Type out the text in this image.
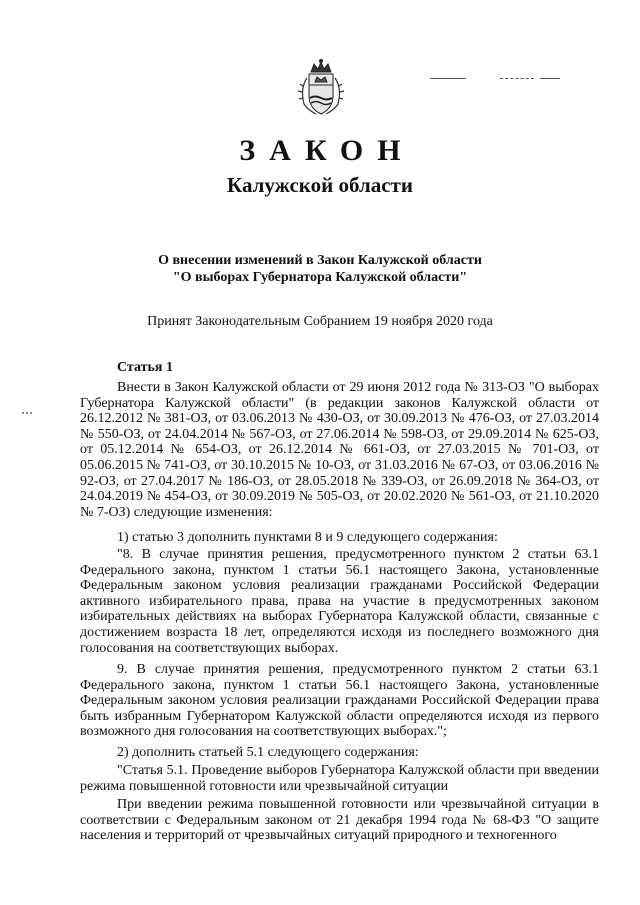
ЗАКОН
Калужской области
О внесении изменений в Закон Калужской области
"О выборах Губернатора Калужской области"
Принят Законодательным Собранием 19 ноября 2020 года
Статья 1
Внести в Закон Калужской области от 29 июня 2012 года № 313-ОЗ "О выборах Губернатора Калужской области" (в редакции законов Калужской области от 26.12.2012 № 381-ОЗ, от 03.06.2013 № 430-ОЗ, от 30.09.2013 № 476-ОЗ, от 27.03.2014 № 550-ОЗ, от 24.04.2014 № 567-ОЗ, от 27.06.2014 № 598-ОЗ, от 29.09.2014 № 625-ОЗ, от 05.12.2014 № 654-ОЗ, от 26.12.2014 № 661-ОЗ, от 27.03.2015 № 701-ОЗ, от 05.06.2015 № 741-ОЗ, от 30.10.2015 № 10-ОЗ, от 31.03.2016 № 67-ОЗ, от 03.06.2016 № 92-ОЗ, от 27.04.2017 № 186-ОЗ, от 28.05.2018 № 339-ОЗ, от 26.09.2018 № 364-ОЗ, от 24.04.2019 № 454-ОЗ, от 30.09.2019 № 505-ОЗ, от 20.02.2020 № 561-ОЗ, от 21.10.2020 № 7-ОЗ) следующие изменения:
1) статью 3 дополнить пунктами 8 и 9 следующего содержания:
"8. В случае принятия решения, предусмотренного пунктом 2 статьи 63.1 Федерального закона, пунктом 1 статьи 56.1 настоящего Закона, установленные Федеральным законом условия реализации гражданами Российской Федерации активного избирательного права, права на участие в предусмотренных законом избирательных действиях на выборах Губернатора Калужской области, связанные с достижением возраста 18 лет, определяются исходя из последнего возможного дня голосования на соответствующих выборах.
9. В случае принятия решения, предусмотренного пунктом 2 статьи 63.1 Федерального закона, пунктом 1 статьи 56.1 настоящего Закона, установленные Федеральным законом условия реализации гражданами Российской Федерации права быть избранным Губернатором Калужской области определяются исходя из первого возможного дня голосования на соответствующих выборах.";
2) дополнить статьей 5.1 следующего содержания:
"Статья 5.1. Проведение выборов Губернатора Калужской области при введении режима повышенной готовности или чрезвычайной ситуации
При введении режима повышенной готовности или чрезвычайной ситуации в соответствии с Федеральным законом от 21 декабря 1994 года № 68-ФЗ "О защите населения и территорий от чрезвычайных ситуаций природного и техногенного
